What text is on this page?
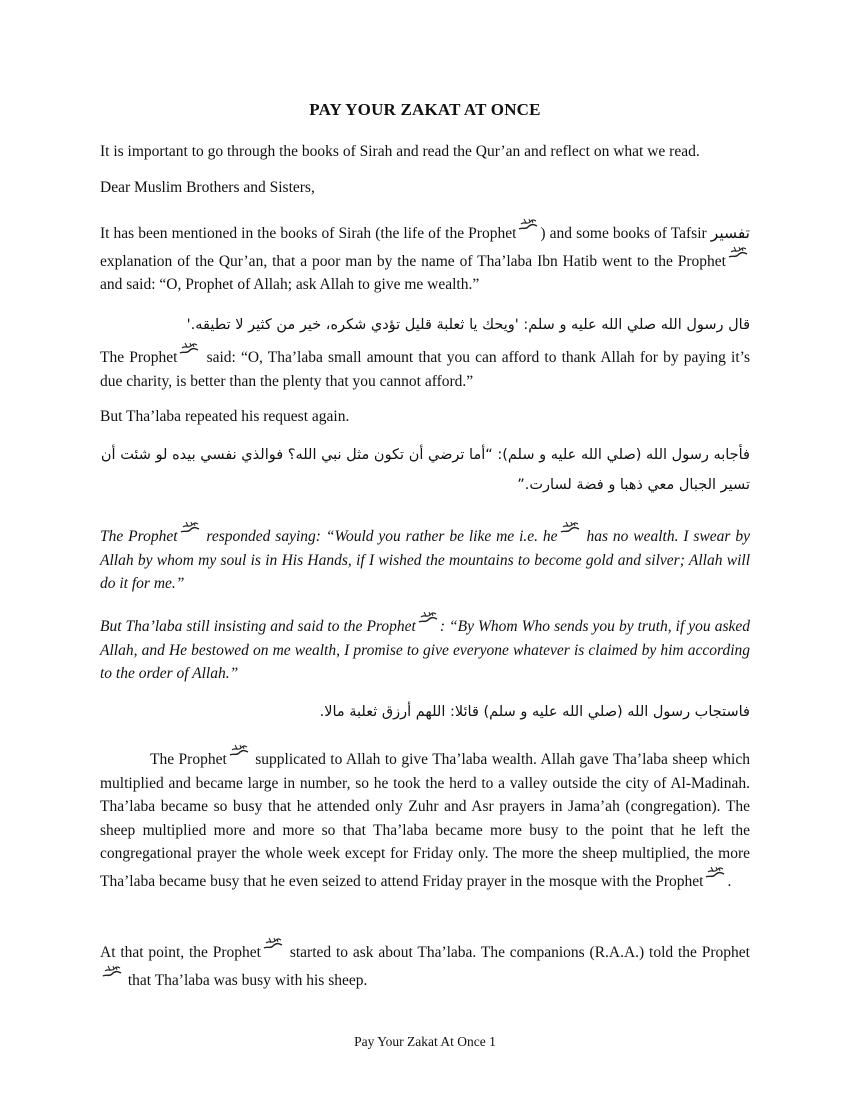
PAY YOUR ZAKAT AT ONCE
It is important to go through the books of Sirah and read the Qur’an and reflect on what we read.
Dear Muslim Brothers and Sisters,
It has been mentioned in the books of Sirah (the life of the Prophet ) and some books of Tafsir تفسير explanation of the Qur’an, that a poor man by the name of Tha’laba Ibn Hatib went to the Prophet
and said: “O, Prophet of Allah; ask Allah to give me wealth.”
قال رسول الله صلي الله عليه و سلم: 'ويحك يا ثعلبة قليل تؤدي شكره، خير من كثير لا تطيقه.'
The Prophet
said: “O, Tha’laba small amount that you can afford to thank Allah for by paying it’s due charity, is better than the plenty that you cannot afford.”
But Tha’laba repeated his request again.
فأجابه رسول الله (صلي الله عليه و سلم): “أما ترضي أن تكون مثل نبي الله؟ فوالذي نفسي بيده لو شئت أن تسير الجبال معي ذهبا و فضة لسارت.”
The Prophet
responded saying: “Would you rather be like me i.e. he
has no wealth. I swear by Allah by whom my soul is in His Hands, if I wished the mountains to become gold and silver; Allah will do it for me.”
But Tha’laba still insisting and said to the Prophet : “By Whom Who sends you by truth, if you asked Allah, and He bestowed on me wealth, I promise to give everyone whatever is claimed by him according to the order of Allah.”
فاستجاب رسول الله (صلي الله عليه و سلم) قائلا: اللهم أرزق ثعلبة مالا.
The Prophet
supplicated to Allah to give Tha’laba wealth. Allah gave Tha’laba sheep which multiplied and became large in number, so he took the herd to a valley outside the city of Al-Madinah. Tha’laba became so busy that he attended only Zuhr and Asr prayers in Jama’ah (congregation). The sheep multiplied more and more so that Tha’laba became more busy to the point that he left the congregational prayer the whole week except for Friday only. The more the sheep multiplied, the more Tha’laba became busy that he even seized to attend Friday prayer in the mosque with the Prophet .
At that point, the Prophet
started to ask about Tha’laba. The companions (R.A.A.) told the Prophet
that Tha’laba was busy with his sheep.
Pay Your Zakat At Once 1
